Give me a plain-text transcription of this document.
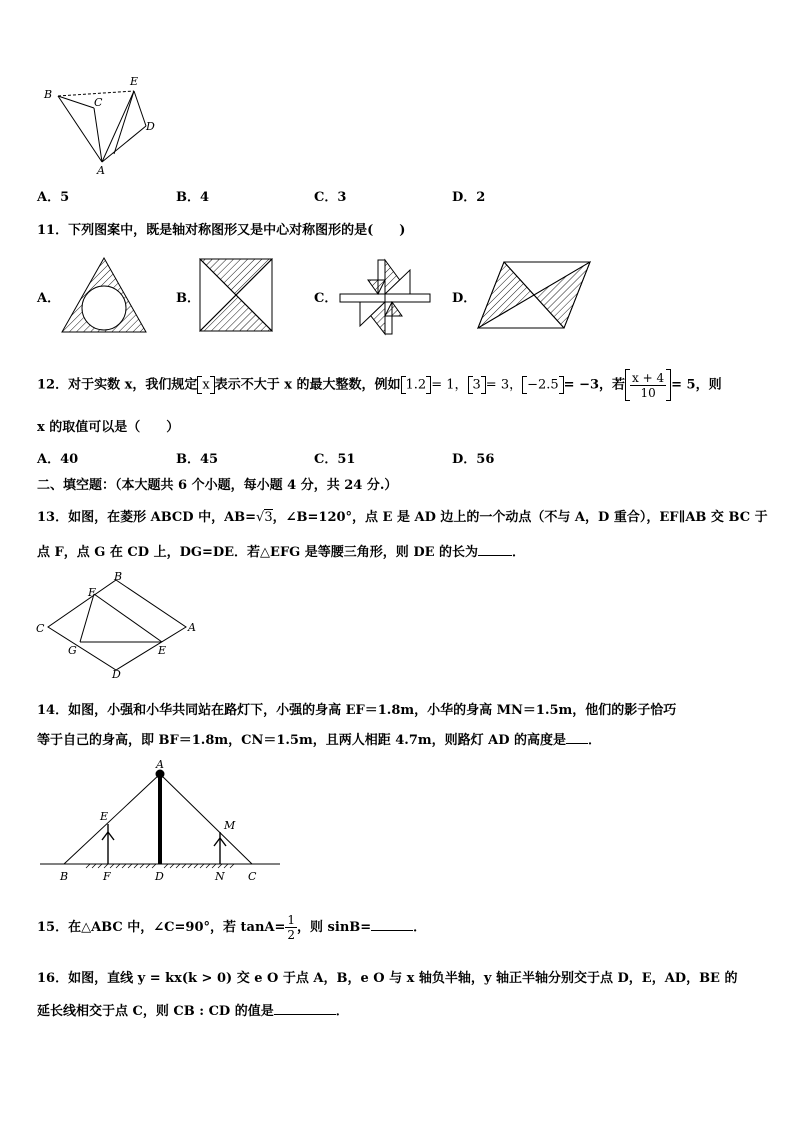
B
C
E
D
A
A．5	B．4	C．3	D．2
11．下列图案中，既是轴对称图形又是中心对称图形的是(　　)
A．	B．	C．	D．
12．对于实数 x，我们规定 x 表示不大于 x 的最大整数，例如 1.2 = 1， 3 = 3， −2.5 = −3，若 $\frac{x + 4}{10} = 5$，则
x 的取值可以是（　　）
A．40	B．45	C．51	D．56
二、填空题：（本大题共 6 个小题，每小题 4 分，共 24 分.）
13．如图，在菱形 ABCD 中，AB=√3，∠B=120°，点 E 是 AD 边上的一个动点（不与 A，D 重合），EF∥AB 交 BC 于
点 F，点 G 在 CD 上，DG=DE．若△EFG 是等腰三角形，则 DE 的长为	．
B
F
C	A
G	E
D
14．如图，小强和小华共同站在路灯下，小强的身高 EF＝1.8m，小华的身高 MN＝1.5m，他们的影子恰巧
等于自己的身高，即 BF＝1.8m，CN＝1.5m，且两人相距 4.7m，则路灯 AD 的高度是 ．
A
E
M
B	F	D	N C
15．在△ABC 中，∠C=90°，若 $\tan A= \frac{1}{2}$ ，则 sinB=	．
16．如图，直线 y = kx(k > 0) 交 e O 于点 A，B，e O 与 x 轴负半轴，y 轴正半轴分别交于点 D，E，AD，BE 的
延长线相交于点 C，则 CB : CD 的值是	．
